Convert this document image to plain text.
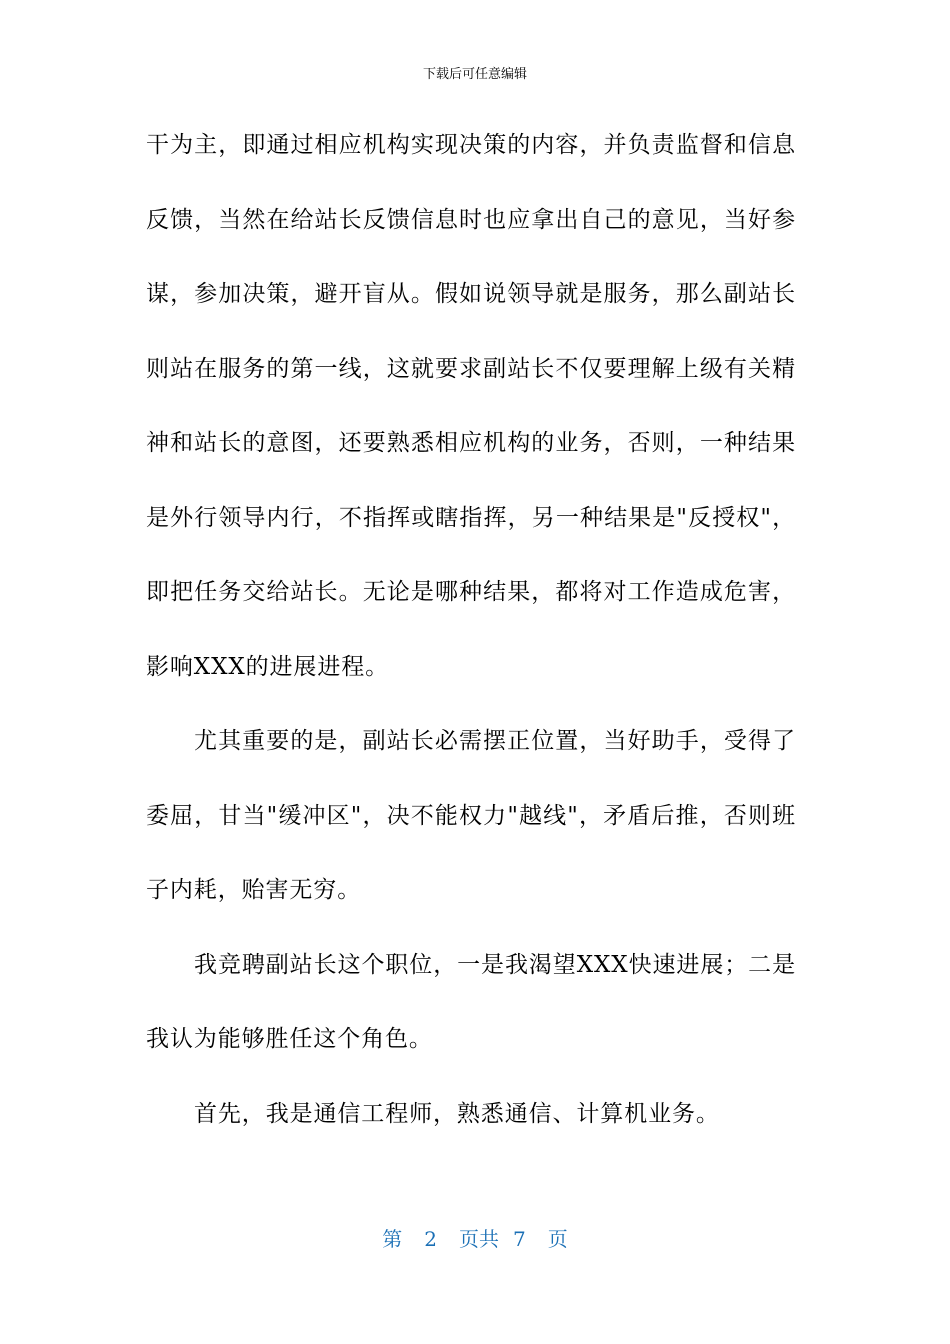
下载后可任意编辑

干为主，即通过相应机构实现决策的内容，并负责监督和信息
反馈，当然在给站长反馈信息时也应拿出自己的意见，当好参
谋，参加决策，避开盲从。假如说领导就是服务，那么副站长
则站在服务的第一线，这就要求副站长不仅要理解上级有关精
神和站长的意图，还要熟悉相应机构的业务，否则，一种结果
是外行领导内行，不指挥或瞎指挥，另一种结果是"反授权"，
即把任务交给站长。无论是哪种结果，都将对工作造成危害，
影响XXX的进展进程。

尤其重要的是，副站长必需摆正位置，当好助手，受得了
委屈，甘当"缓冲区"，决不能权力"越线"，矛盾后推，否则班
子内耗，贻害无穷。

我竞聘副站长这个职位，一是我渴望XXX快速进展；二是
我认为能够胜任这个角色。

首先，我是通信工程师，熟悉通信、计算机业务。

第 2 页共 7 页
